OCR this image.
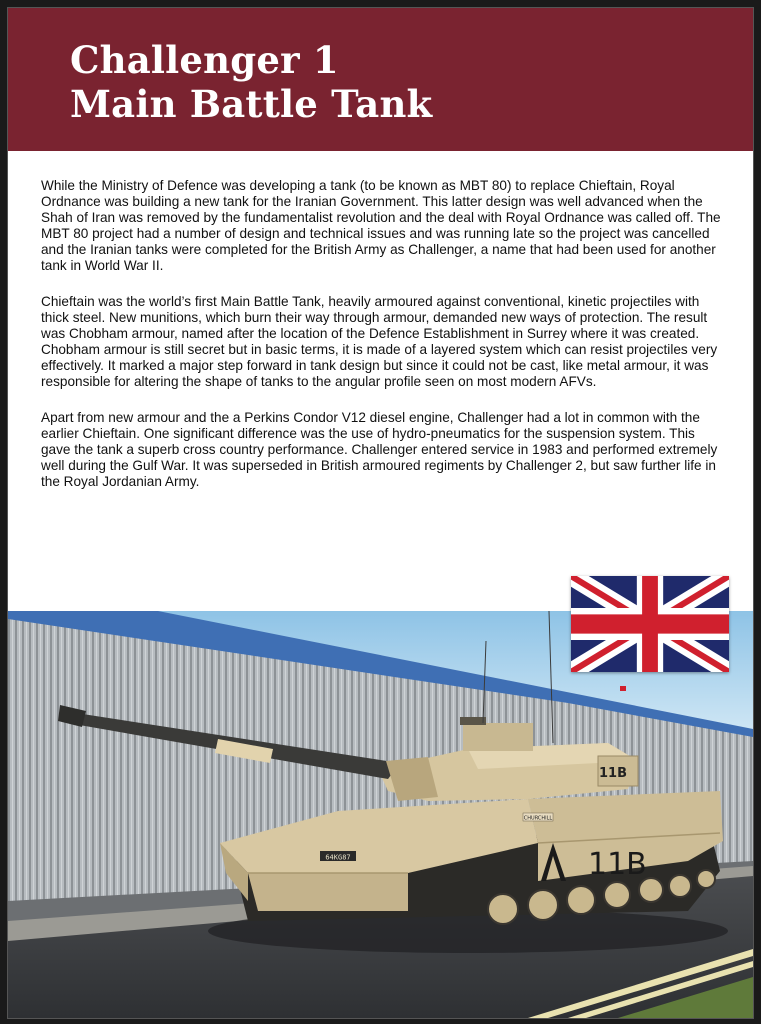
Challenger 1
Main Battle Tank

While the Ministry of Defence was developing a tank (to be known as MBT 80) to replace Chieftain, Royal Ordnance was building a new tank for the Iranian Government. This latter design was well advanced when the Shah of Iran was removed by the fundamentalist revolution and the deal with Royal Ordnance was called off. The MBT 80 project had a number of design and technical issues and was running late so the project was cancelled and the Iranian tanks were completed for the British Army as Challenger, a name that had been used for another tank in World War II.

Chieftain was the world’s first Main Battle Tank, heavily armoured against conventional, kinetic projectiles with thick steel. New munitions, which burn their way through armour, demanded new ways of protection. The result was Chobham armour, named after the location of the Defence Establishment in Surrey where it was created. Chobham armour is still secret but in basic terms, it is made of a layered system which can resist projectiles very effectively. It marked a major step forward in tank design but since it could not be cast, like metal armour, it was responsible for altering the shape of tanks to the angular profile seen on most modern AFVs.

Apart from new armour and the a Perkins Condor V12 diesel engine, Challenger had a lot in common with the earlier Chieftain. One significant difference was the use of hydro-pneumatics for the suspension system. This gave the tank a superb cross country performance. Challenger entered service in 1983 and performed extremely well during the Gulf War. It was superseded in British armoured regiments by Challenger 2, but saw further life in the Royal Jordanian Army.

64KG87
11B
11B
CHURCHILL
